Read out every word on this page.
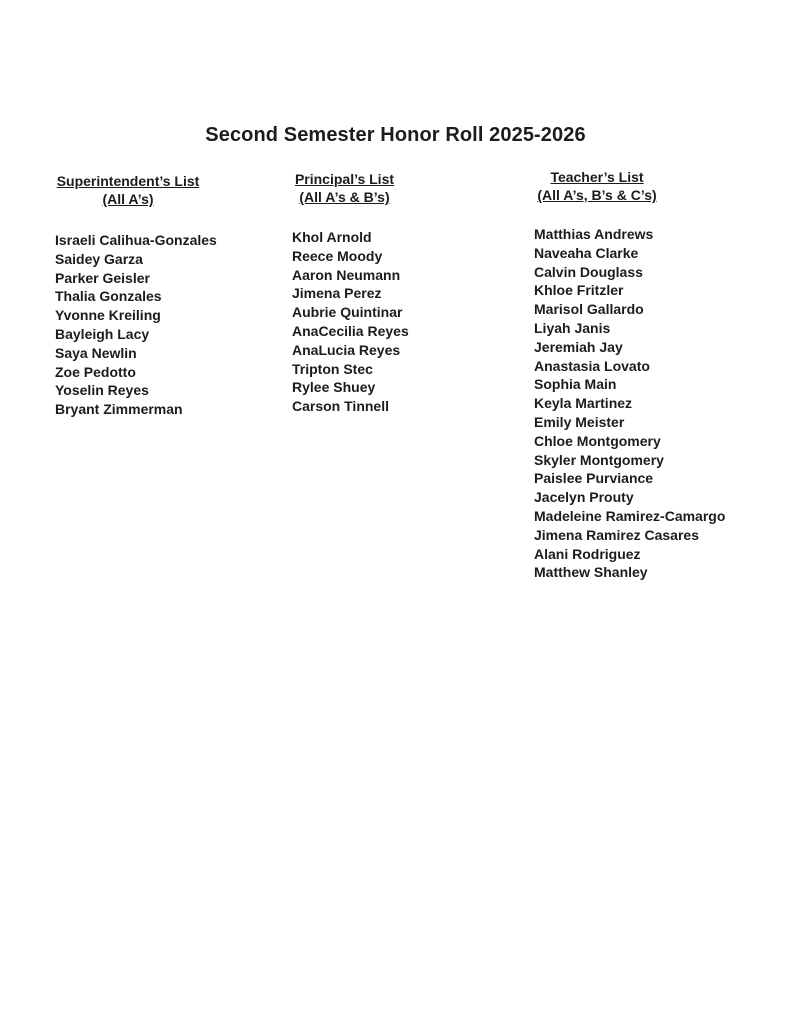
Second Semester Honor Roll 2025-2026
Superintendent’s List
(All A’s)
Israeli Calihua-Gonzales
Saidey Garza
Parker Geisler
Thalia Gonzales
Yvonne Kreiling
Bayleigh Lacy
Saya Newlin
Zoe Pedotto
Yoselin Reyes
Bryant Zimmerman
Principal’s List
(All A’s & B’s)
Khol Arnold
Reece Moody
Aaron Neumann
Jimena Perez
Aubrie Quintinar
AnaCecilia Reyes
AnaLucia Reyes
Tripton Stec
Rylee Shuey
Carson Tinnell
Teacher’s List
(All A’s, B’s & C’s)
Matthias Andrews
Naveaha Clarke
Calvin Douglass
Khloe Fritzler
Marisol Gallardo
Liyah Janis
Jeremiah Jay
Anastasia Lovato
Sophia Main
Keyla Martinez
Emily Meister
Chloe Montgomery
Skyler Montgomery
Paislee Purviance
Jacelyn Prouty
Madeleine Ramirez-Camargo
Jimena Ramirez Casares
Alani Rodriguez
Matthew Shanley
